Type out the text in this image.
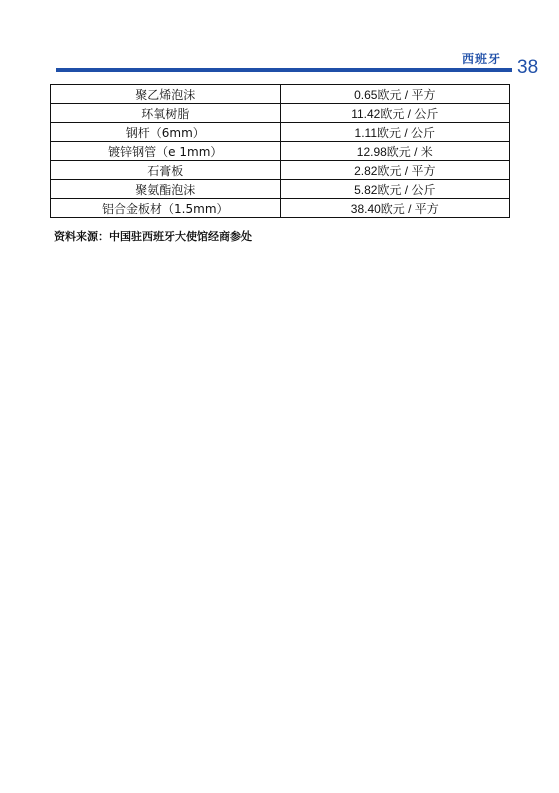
西班牙 38
聚乙烯泡沫	0.65欧元 / 平方
环氧树脂	11.42欧元 / 公斤
钢杆（6mm）	1.11欧元 / 公斤
镀锌钢管（e 1mm）	12.98欧元 / 米
石膏板	2.82欧元 / 平方
聚氨酯泡沫	5.82欧元 / 公斤
铝合金板材（1.5mm）	38.40欧元 / 平方
资料来源：中国驻西班牙大使馆经商参处
